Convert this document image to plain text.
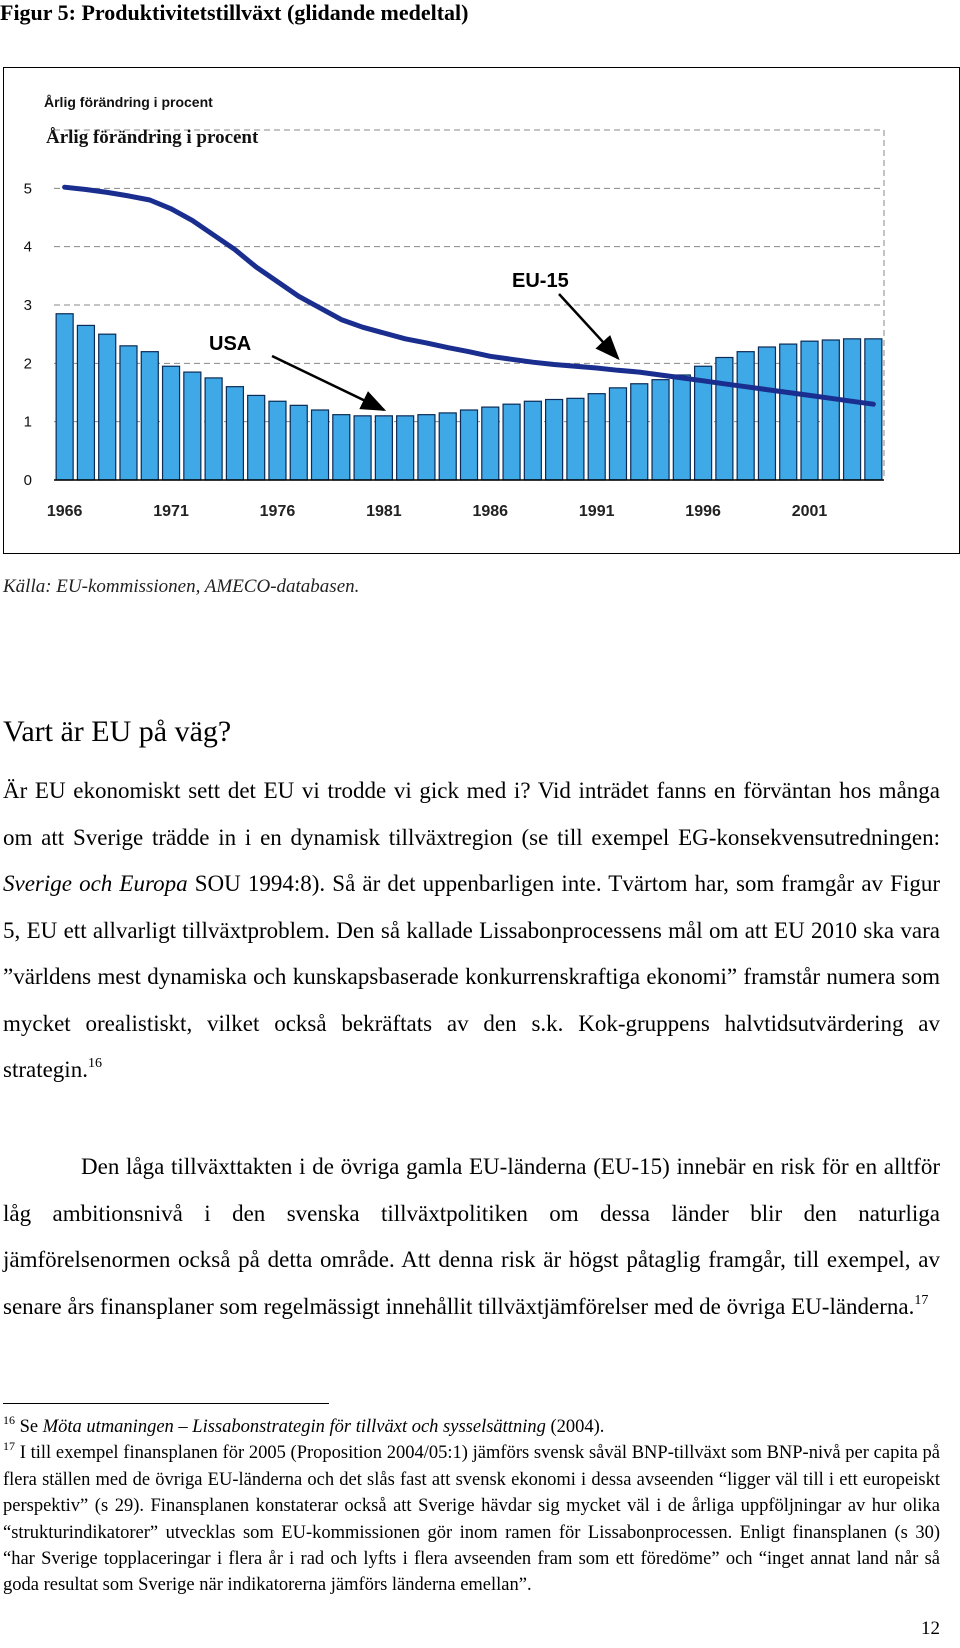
Figur 5: Produktivitetstillväxt (glidande medeltal)
Årlig förändring i procent
Årlig förändring i procent
0
1
2
3
4
5
1966	1971	1976	1981	1986	1991	1996	2001
USA
EU-15
Källa: EU-kommissionen, AMECO-databasen.
Vart är EU på väg?

Är EU ekonomiskt sett det EU vi trodde vi gick med i? Vid inträdet fanns en förväntan hos många om att Sverige trädde in i en dynamisk tillväxtregion (se till exempel EG-konsekvensutredningen: Sverige och Europa SOU 1994:8). Så är det uppenbarligen inte. Tvärtom har, som framgår av Figur 5, EU ett allvarligt tillväxtproblem. Den så kallade Lissabonprocessens mål om att EU 2010 ska vara ”världens mest dynamiska och kunskapsbaserade konkurrenskraftiga ekonomi” framstår numera som mycket orealistiskt, vilket också bekräftats av den s.k. Kok-gruppens halvtidsutvärdering av strategin.$^{16}$

Den låga tillväxttakten i de övriga gamla EU-länderna (EU-15) innebär en risk för en alltför låg ambitionsnivå i den svenska tillväxtpolitiken om dessa länder blir den naturliga jämförelsenormen också på detta område. Att denna risk är högst påtaglig framgår, till exempel, av senare års finansplaner som regelmässigt innehållit tillväxtjämförelser med de övriga EU-länderna.$^{17}$

$^{16}$ Se Möta utmaningen – Lissabonstrategin för tillväxt och sysselsättning (2004).

$^{17}$ I till exempel finansplanen för 2005 (Proposition 2004/05:1) jämförs svensk såväl BNP-tillväxt som BNP-nivå per capita på flera ställen med de övriga EU-länderna och det slås fast att svensk ekonomi i dessa avseenden “ligger väl till i ett europeiskt perspektiv” (s 29). Finansplanen konstaterar också att Sverige hävdar sig mycket väl i de årliga uppföljningar av hur olika “strukturindikatorer” utvecklas som EU-kommissionen gör inom ramen för Lissabonprocessen. Enligt finansplanen (s 30) “har Sverige topplaceringar i flera år i rad och lyfts i flera avseenden fram som ett föredöme” och “inget annat land når så goda resultat som Sverige när indikatorerna jämförs länderna emellan”.

12
